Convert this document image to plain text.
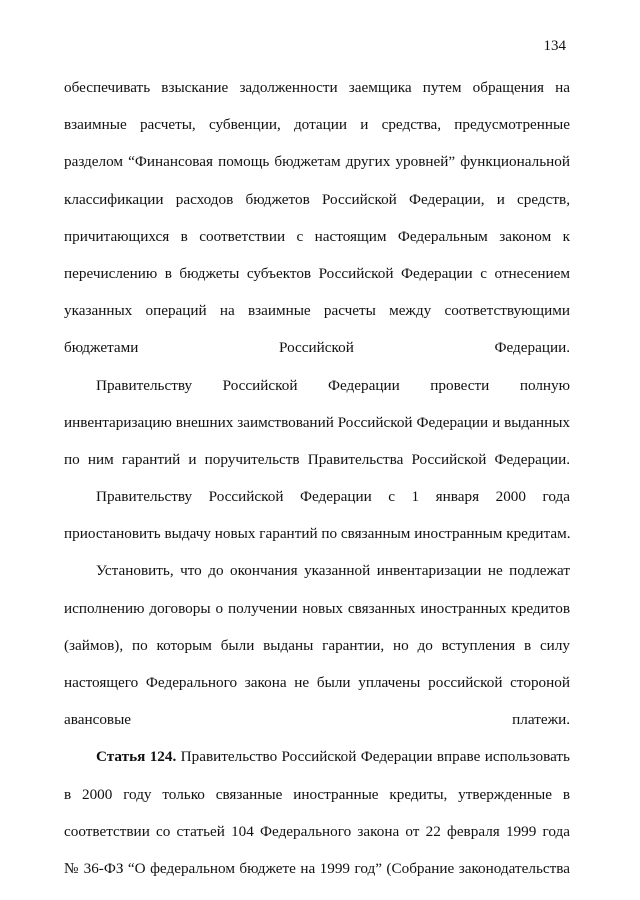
134
обеспечивать взыскание задолженности заемщика путем обращения на
взаимные расчеты, субвенции, дотации и средства, предусмотренные
разделом “Финансовая помощь бюджетам других уровней” функциональной
классификации расходов бюджетов Российской Федерации, и средств,
причитающихся в соответствии с настоящим Федеральным законом к
перечислению в бюджеты субъектов Российской Федерации с отнесением
указанных операций на взаимные расчеты между соответствующими
бюджетами Российской Федерации.
Правительству Российской Федерации провести полную
инвентаризацию внешних заимствований Российской Федерации и выданных
по ним гарантий и поручительств Правительства Российской Федерации.
Правительству Российской Федерации с 1 января 2000 года
приостановить выдачу новых гарантий по связанным иностранным кредитам.
Установить, что до окончания указанной инвентаризации не подлежат
исполнению договоры о получении новых связанных иностранных кредитов
(займов), по которым были выданы гарантии, но до вступления в силу
настоящего Федерального закона не были уплачены российской стороной
авансовые платежи.
Статья 124. Правительство Российской Федерации вправе использовать
в 2000 году только связанные иностранные кредиты, утвержденные в
соответствии со статьей 104 Федерального закона от 22 февраля 1999 года
№ 36-ФЗ “О федеральном бюджете на 1999 год” (Собрание законодательства
